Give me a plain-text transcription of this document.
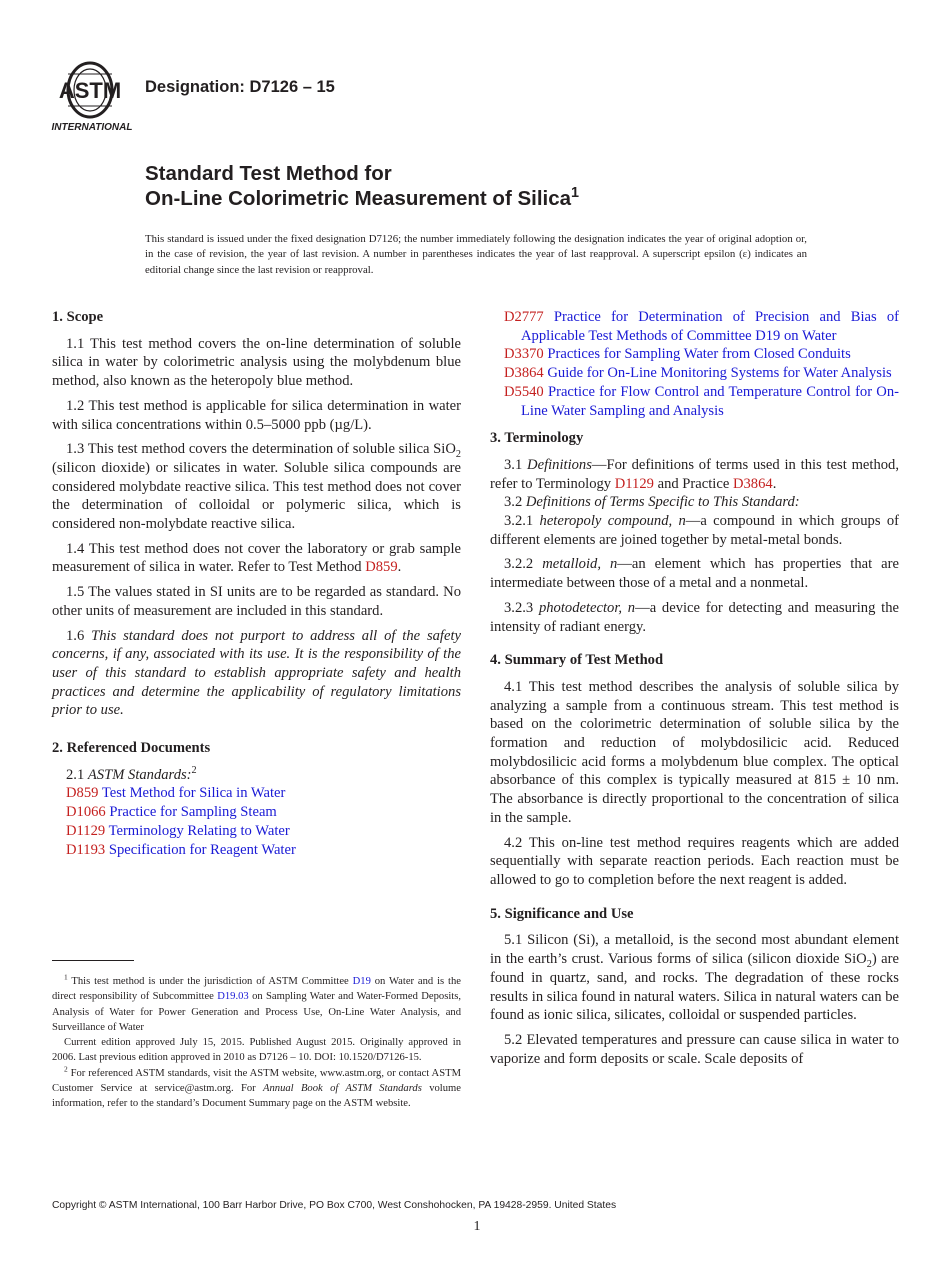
ASTM
INTERNATIONAL
Designation: D7126 – 15
Standard Test Method for
On-Line Colorimetric Measurement of Silica$^1$
This standard is issued under the fixed designation D7126; the number immediately following the designation indicates the year of original adoption or, in the case of revision, the year of last revision. A number in parentheses indicates the year of last reapproval. A superscript epsilon (ε) indicates an editorial change since the last revision or reapproval.
1. Scope

1.1 This test method covers the on-line determination of soluble silica in water by colorimetric analysis using the molybdenum blue method, also known as the heteropoly blue method.

1.2 This test method is applicable for silica determination in water with silica concentrations within 0.5–5000 ppb (µg/L).

1.3 This test method covers the determination of soluble silica SiO$_2$ (silicon dioxide) or silicates in water. Soluble silica compounds are considered molybdate reactive silica. This test method does not cover the determination of colloidal or polymeric silica, which is considered non-molybdate reactive silica.

1.4 This test method does not cover the laboratory or grab sample measurement of silica in water. Refer to Test Method D859.

1.5 The values stated in SI units are to be regarded as standard. No other units of measurement are included in this standard.

1.6 This standard does not purport to address all of the safety concerns, if any, associated with its use. It is the responsibility of the user of this standard to establish appropriate safety and health practices and determine the applicability of regulatory limitations prior to use.

2. Referenced Documents

2.1 ASTM Standards:$^2$

D859 Test Method for Silica in Water

D1066 Practice for Sampling Steam

D1129 Terminology Relating to Water

D1193 Specification for Reagent Water

D2777 Practice for Determination of Precision and Bias of Applicable Test Methods of Committee D19 on Water

D3370 Practices for Sampling Water from Closed Conduits

D3864 Guide for On-Line Monitoring Systems for Water Analysis

D5540 Practice for Flow Control and Temperature Control for On-Line Water Sampling and Analysis

3. Terminology

3.1 Definitions—For definitions of terms used in this test method, refer to Terminology D1129 and Practice D3864.

3.2 Definitions of Terms Specific to This Standard:

3.2.1 heteropoly compound, n—a compound in which groups of different elements are joined together by metal-metal bonds.

3.2.2 metalloid, n—an element which has properties that are intermediate between those of a metal and a nonmetal.

3.2.3 photodetector, n—a device for detecting and measuring the intensity of radiant energy.

4. Summary of Test Method

4.1 This test method describes the analysis of soluble silica by analyzing a sample from a continuous stream. This test method is based on the colorimetric determination of soluble silica by the formation and reduction of molybdosilicic acid. Reduced molybdosilicic acid forms a molybdenum blue complex. The optical absorbance of this complex is typically measured at 815 ± 10 nm. The absorbance is directly proportional to the concentration of silica in the sample.

4.2 This on-line test method requires reagents which are added sequentially with separate reaction periods. Each reaction must be allowed to go to completion before the next reagent is added.

5. Significance and Use

5.1 Silicon (Si), a metalloid, is the second most abundant element in the earth’s crust. Various forms of silica (silicon dioxide SiO$_2$) are found in quartz, sand, and rocks. The degradation of these rocks results in silica found in natural waters. Silica in natural waters can be found as ionic silica, silicates, colloidal or suspended particles.

5.2 Elevated temperatures and pressure can cause silica in water to vaporize and form deposits or scale. Scale deposits of

$^1$ This test method is under the jurisdiction of ASTM Committee D19 on Water and is the direct responsibility of Subcommittee D19.03 on Sampling Water and Water-Formed Deposits, Analysis of Water for Power Generation and Process Use, On-Line Water Analysis, and Surveillance of Water

Current edition approved July 15, 2015. Published August 2015. Originally approved in 2006. Last previous edition approved in 2010 as D7126 – 10. DOI: 10.1520/D7126-15.

$^2$ For referenced ASTM standards, visit the ASTM website, www.astm.org, or contact ASTM Customer Service at service@astm.org. For Annual Book of ASTM Standards volume information, refer to the standard’s Document Summary page on the ASTM website.

Copyright © ASTM International, 100 Barr Harbor Drive, PO Box C700, West Conshohocken, PA 19428-2959. United States
1
